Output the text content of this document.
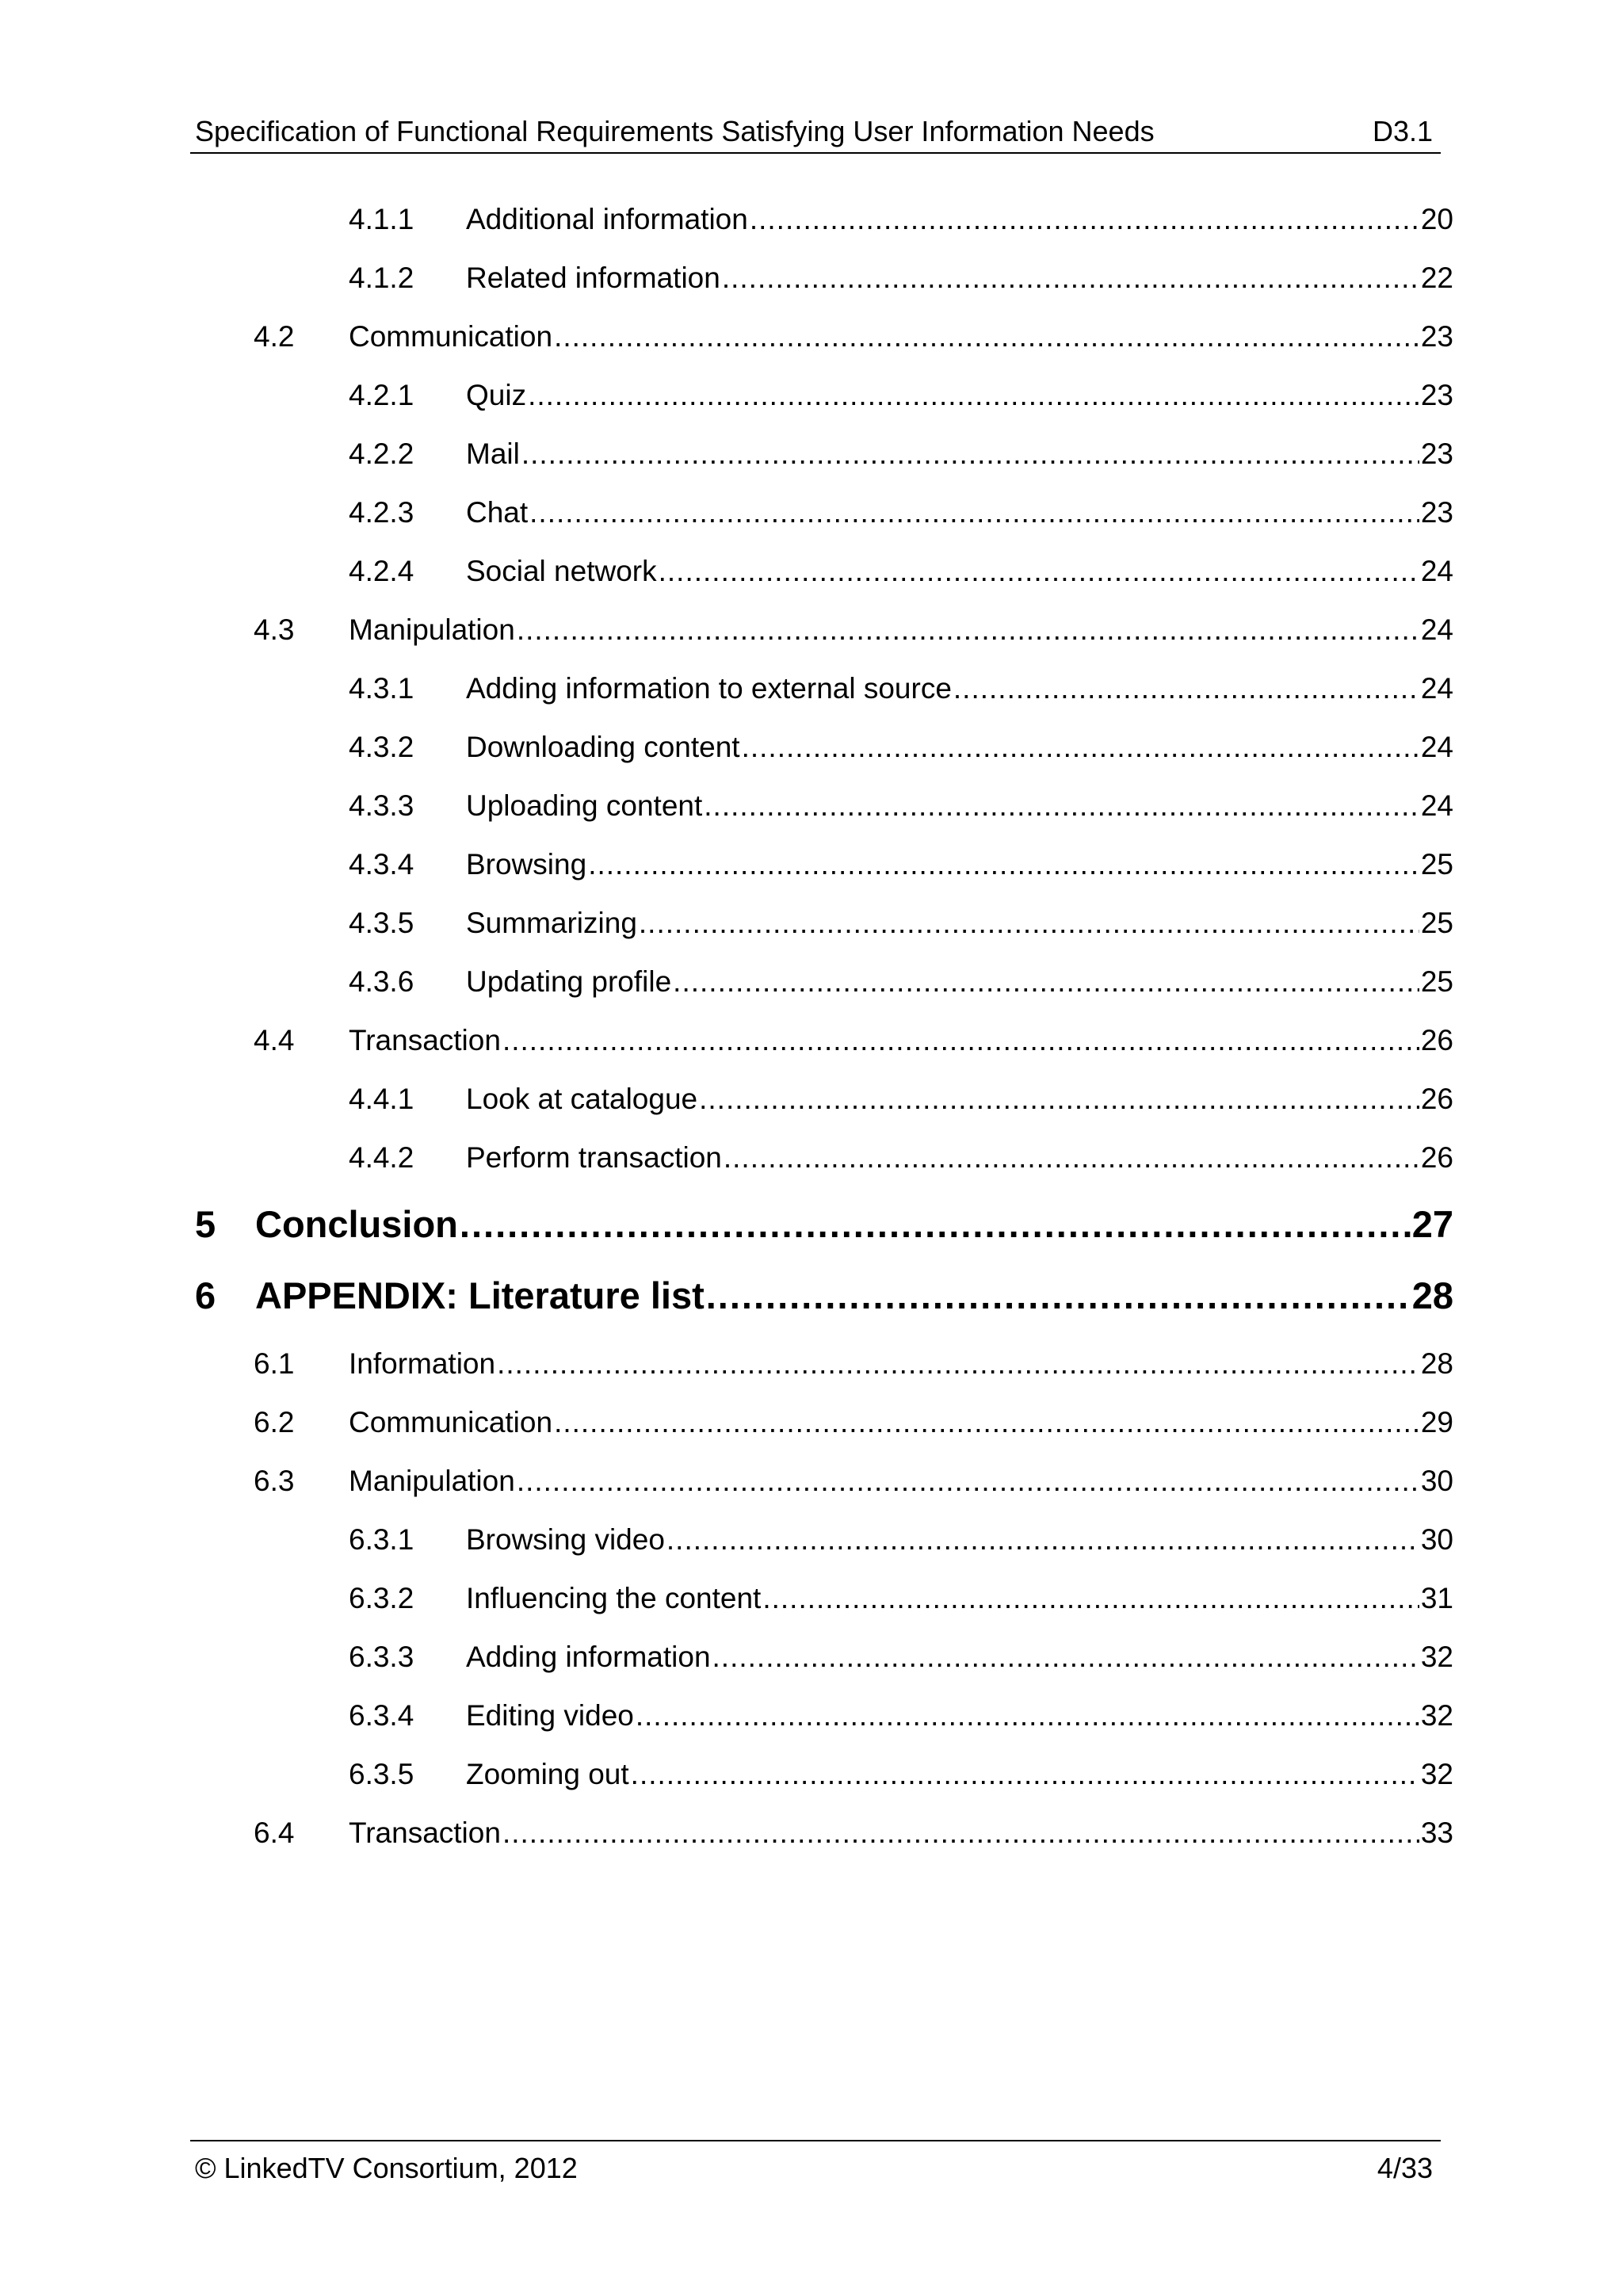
Specification of Functional Requirements Satisfying User Information Needs	D3.1
4.1.1 Additional information .....	20
4.1.2 Related information .....	22
4.2 Communication .....	23
4.2.1 Quiz .....	23
4.2.2 Mail .....	23
4.2.3 Chat .....	23
4.2.4 Social network .....	24
4.3 Manipulation .....	24
4.3.1 Adding information to external source .....	24
4.3.2 Downloading content .....	24
4.3.3 Uploading content .....	24
4.3.4 Browsing .....	25
4.3.5 Summarizing .....	25
4.3.6 Updating profile .....	25
4.4 Transaction .....	26
4.4.1 Look at catalogue .....	26
4.4.2 Perform transaction .....	26
5 Conclusion .....	27
6 APPENDIX: Literature list .....	28
6.1 Information .....	28
6.2 Communication .....	29
6.3 Manipulation .....	30
6.3.1 Browsing video .....	30
6.3.2 Influencing the content .....	31
6.3.3 Adding information .....	32
6.3.4 Editing video .....	32
6.3.5 Zooming out .....	32
6.4 Transaction .....	33
© LinkedTV Consortium, 2012	4/33
